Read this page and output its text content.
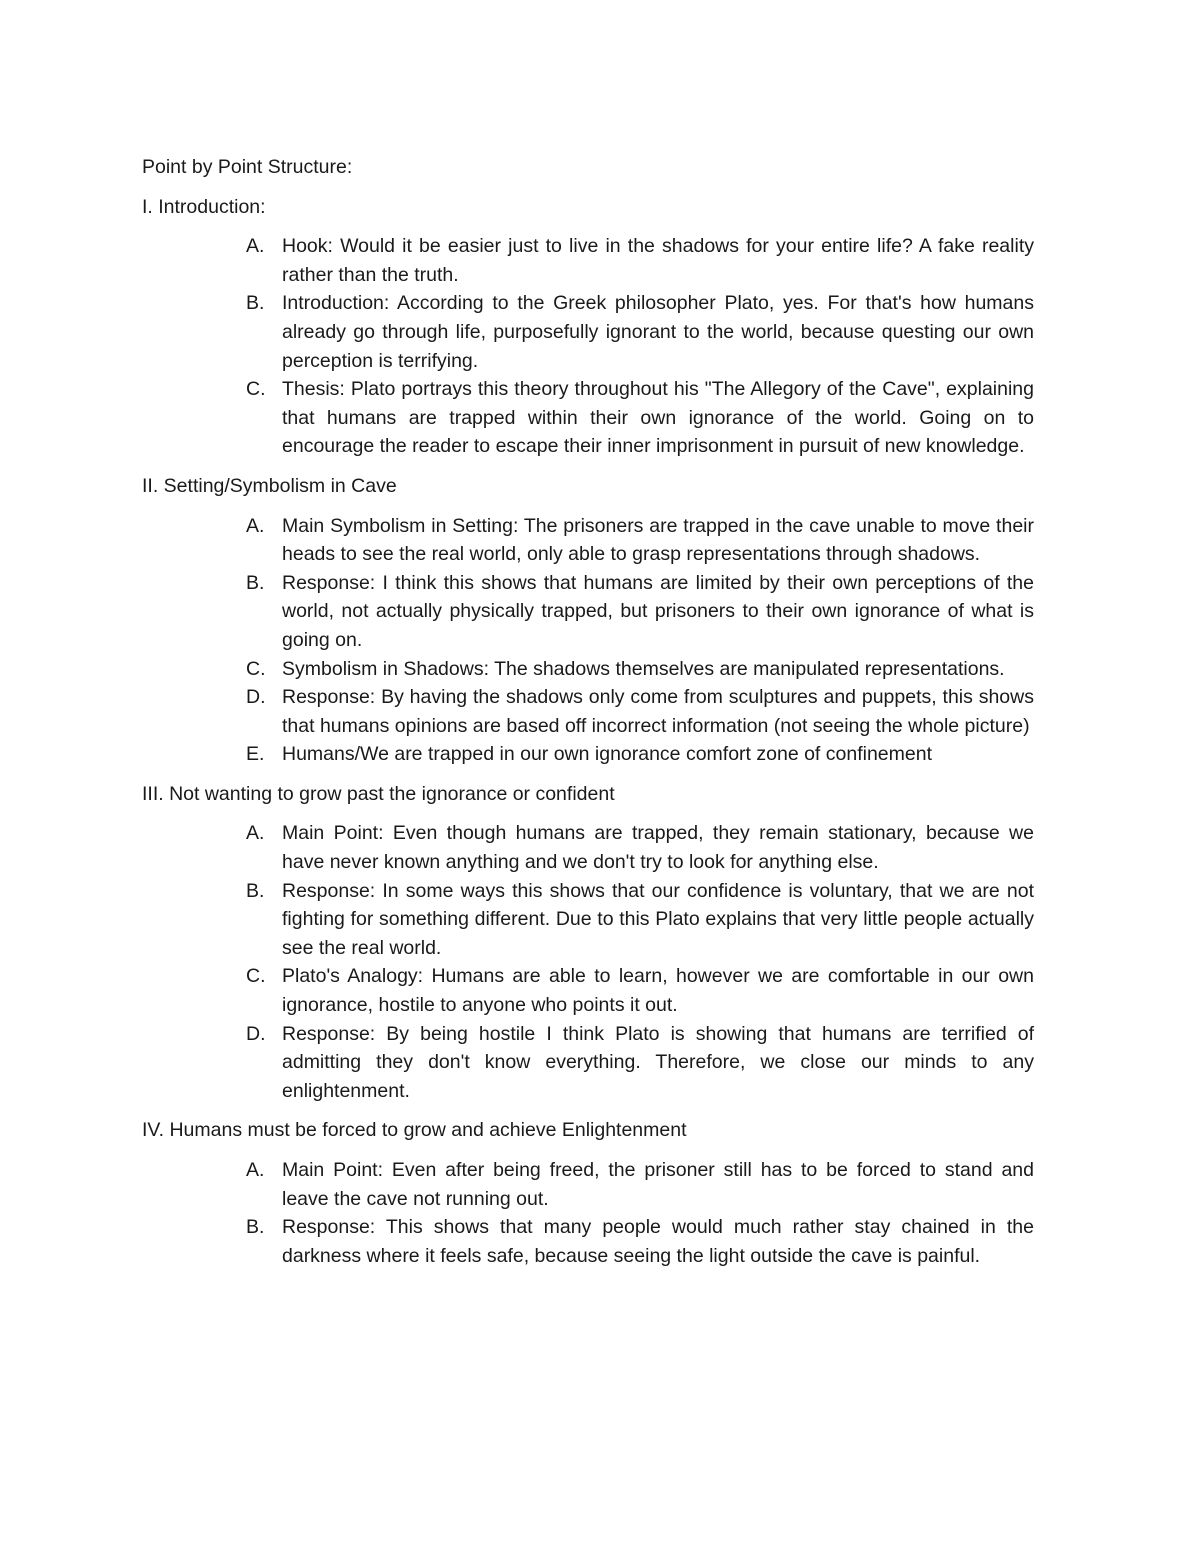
Point by Point Structure:

I. Introduction:

A. Hook: Would it be easier just to live in the shadows for your entire life? A fake reality rather than the truth.
B. Introduction: According to the Greek philosopher Plato, yes. For that's how humans already go through life, purposefully ignorant to the world, because questing our own perception is terrifying.
C. Thesis: Plato portrays this theory throughout his "The Allegory of the Cave", explaining that humans are trapped within their own ignorance of the world. Going on to encourage the reader to escape their inner imprisonment in pursuit of new knowledge.

II. Setting/Symbolism in Cave

A. Main Symbolism in Setting: The prisoners are trapped in the cave unable to move their heads to see the real world, only able to grasp representations through shadows.
B. Response: I think this shows that humans are limited by their own perceptions of the world, not actually physically trapped, but prisoners to their own ignorance of what is going on.
C. Symbolism in Shadows: The shadows themselves are manipulated representations.
D. Response: By having the shadows only come from sculptures and puppets, this shows that humans opinions are based off incorrect information (not seeing the whole picture)
E. Humans/We are trapped in our own ignorance comfort zone of confinement

III. Not wanting to grow past the ignorance or confident

A. Main Point: Even though humans are trapped, they remain stationary, because we have never known anything and we don't try to look for anything else.
B. Response: In some ways this shows that our confidence is voluntary, that we are not fighting for something different. Due to this Plato explains that very little people actually see the real world.
C. Plato's Analogy: Humans are able to learn, however we are comfortable in our own ignorance, hostile to anyone who points it out.
D. Response: By being hostile I think Plato is showing that humans are terrified of admitting they don't know everything. Therefore, we close our minds to any enlightenment.

IV. Humans must be forced to grow and achieve Enlightenment

A. Main Point: Even after being freed, the prisoner still has to be forced to stand and leave the cave not running out.
B. Response: This shows that many people would much rather stay chained in the darkness where it feels safe, because seeing the light outside the cave is painful.
